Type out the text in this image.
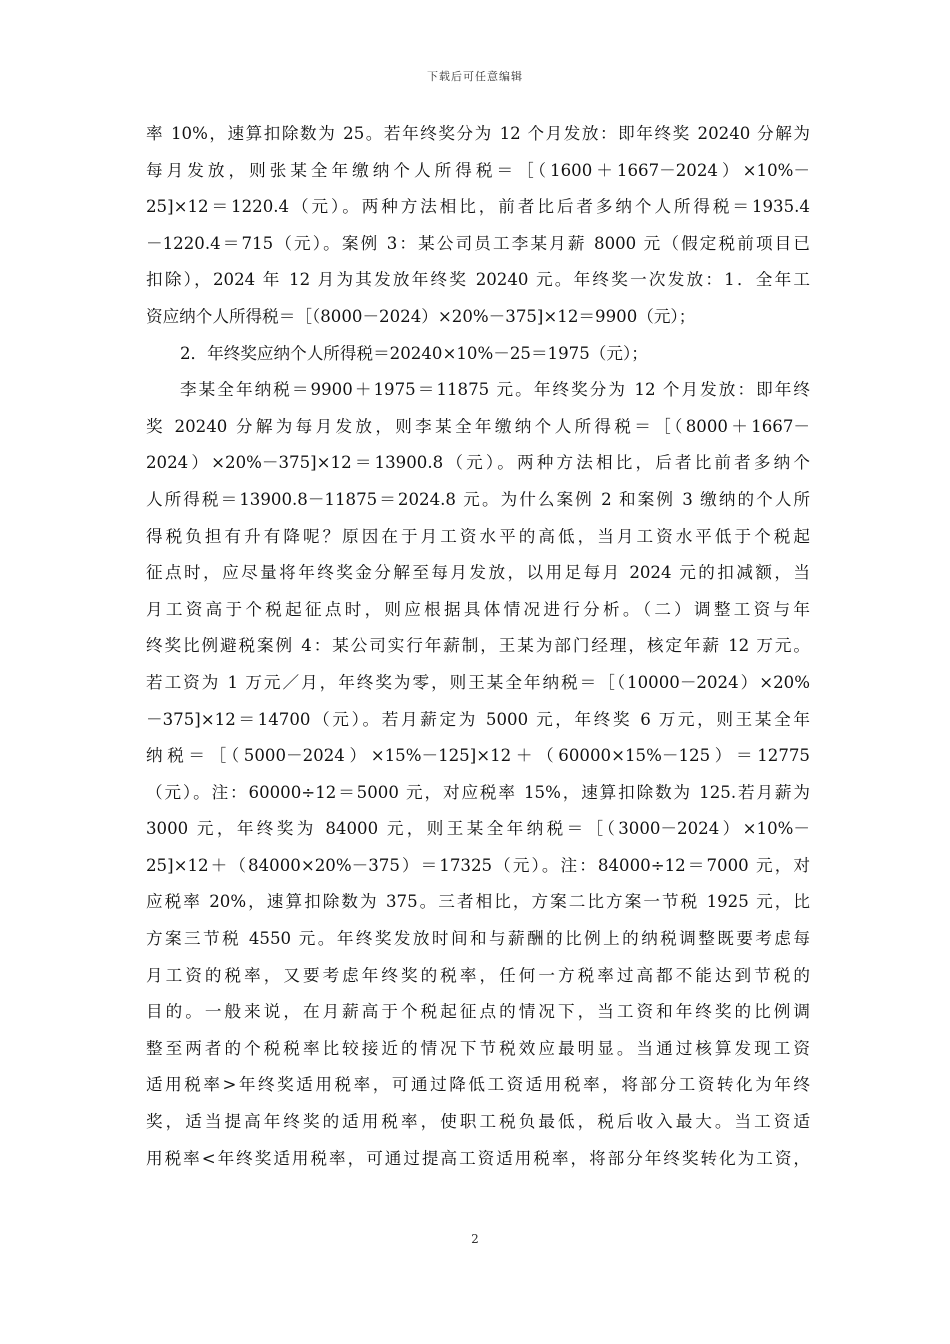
下载后可任意编辑
率 10%，速算扣除数为 25。若年终奖分为 12 个月发放：即年终奖 20240 分解为
每月发放，则张某全年缴纳个人所得税＝［（1600＋1667－2024）×10%－
25]×12＝1220.4（元）。两种方法相比，前者比后者多纳个人所得税＝1935.4
－1220.4＝715（元）。案例 3：某公司员工李某月薪 8000 元（假定税前项目已
扣除），2024 年 12 月为其发放年终奖 20240 元。年终奖一次发放：1．全年工
资应纳个人所得税＝［（8000－2024）×20%－375]×12＝9900（元）；
2．年终奖应纳个人所得税＝20240×10%－25＝1975（元）；
李某全年纳税＝9900＋1975＝11875 元。年终奖分为 12 个月发放：即年终
奖 20240 分解为每月发放，则李某全年缴纳个人所得税＝［（8000＋1667－
2024）×20%－375]×12＝13900.8（元）。两种方法相比，后者比前者多纳个
人所得税＝13900.8－11875＝2024.8 元。为什么案例 2 和案例 3 缴纳的个人所
得税负担有升有降呢？原因在于月工资水平的高低，当月工资水平低于个税起
征点时，应尽量将年终奖金分解至每月发放，以用足每月 2024 元的扣减额，当
月工资高于个税起征点时，则应根据具体情况进行分析。（二）调整工资与年
终奖比例避税案例 4：某公司实行年薪制，王某为部门经理，核定年薪 12 万元。
若工资为 1 万元／月，年终奖为零，则王某全年纳税＝［（10000－2024）×20%
－375]×12＝14700（元）。若月薪定为 5000 元，年终奖 6 万元，则王某全年
纳税＝［（5000－2024）×15%－125]×12＋（60000×15%－125）＝12775
（元）。注：60000÷12＝5000 元，对应税率 15%，速算扣除数为 125.若月薪为
3000 元，年终奖为 84000 元，则王某全年纳税＝［（3000－2024）×10%－
25]×12＋（84000×20%－375）＝17325（元）。注：84000÷12＝7000 元，对
应税率 20%，速算扣除数为 375。三者相比，方案二比方案一节税 1925 元，比
方案三节税 4550 元。年终奖发放时间和与薪酬的比例上的纳税调整既要考虑每
月工资的税率，又要考虑年终奖的税率，任何一方税率过高都不能达到节税的
目的。一般来说，在月薪高于个税起征点的情况下，当工资和年终奖的比例调
整至两者的个税税率比较接近的情况下节税效应最明显。当通过核算发现工资
适用税率>年终奖适用税率，可通过降低工资适用税率，将部分工资转化为年终
奖，适当提高年终奖的适用税率，使职工税负最低，税后收入最大。当工资适
用税率<年终奖适用税率，可通过提高工资适用税率，将部分年终奖转化为工资，
2
